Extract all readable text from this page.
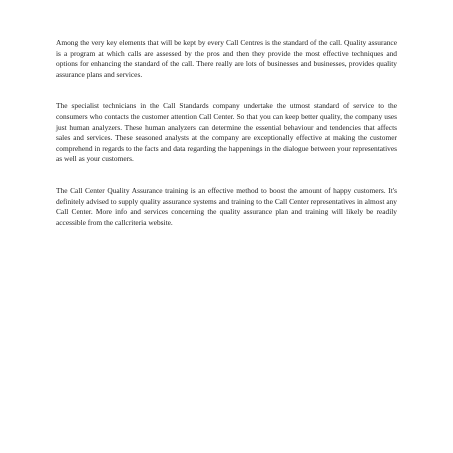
Among the very key elements that will be kept by every Call Centres is the standard of the call. Quality assurance is a program at which calls are assessed by the pros and then they provide the most effective techniques and options for enhancing the standard of the call. There really are lots of businesses and businesses, provides quality assurance plans and services.

The specialist technicians in the Call Standards company undertake the utmost standard of service to the consumers who contacts the customer attention Call Center. So that you can keep better quality, the company uses just human analyzers. These human analyzers can determine the essential behaviour and tendencies that affects sales and services. These seasoned analysts at the company are exceptionally effective at making the customer comprehend in regards to the facts and data regarding the happenings in the dialogue between your representatives as well as your customers.

The Call Center Quality Assurance training is an effective method to boost the amount of happy customers. It's definitely advised to supply quality assurance systems and training to the Call Center representatives in almost any Call Center. More info and services concerning the quality assurance plan and training will likely be readily accessible from the callcriteria website.
